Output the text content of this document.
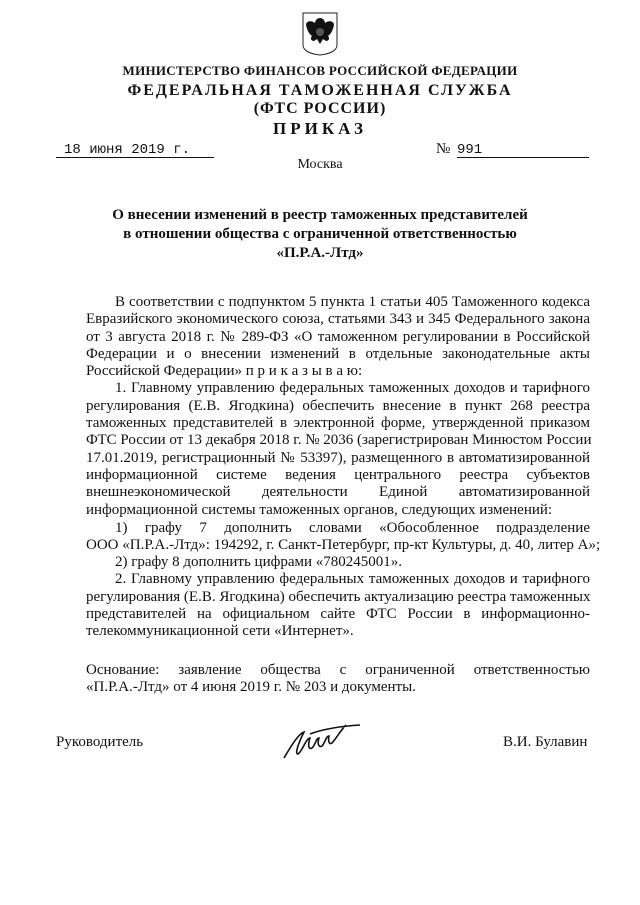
МИНИСТЕРСТВО ФИНАНСОВ РОССИЙСКОЙ ФЕДЕРАЦИИ
ФЕДЕРАЛЬНАЯ ТАМОЖЕННАЯ СЛУЖБА
(ФТС РОССИИ)
ПРИКАЗ
18 июня 2019 г.	№ 991
Москва
О внесении изменений в реестр таможенных представителей
в отношении общества с ограниченной ответственностью
«П.Р.А.-Лтд»
В соответствии с подпунктом 5 пункта 1 статьи 405 Таможенного кодекса
Евразийского экономического союза, статьями 343 и 345 Федерального закона
от 3 августа 2018 г. № 289-ФЗ «О таможенном регулировании в Российской
Федерации и о внесении изменений в отдельные законодательные акты
Российской Федерации» п р и к а з ы в а ю:
1. Главному управлению федеральных таможенных доходов и тарифного
регулирования (Е.В. Ягодкина) обеспечить внесение в пункт 268 реестра
таможенных представителей в электронной форме, утвержденной приказом
ФТС России от 13 декабря 2018 г. № 2036 (зарегистрирован Минюстом России
17.01.2019, регистрационный № 53397), размещенного в автоматизированной
информационной системе ведения центрального реестра субъектов
внешнеэкономической деятельности Единой автоматизированной
информационной системы таможенных органов, следующих изменений:
1) графу 7 дополнить словами «Обособленное подразделение
ООО «П.Р.А.-Лтд»: 194292, г. Санкт-Петербург, пр-кт Культуры, д. 40, литер А»;
2) графу 8 дополнить цифрами «780245001».
2. Главному управлению федеральных таможенных доходов и тарифного
регулирования (Е.В. Ягодкина) обеспечить актуализацию реестра таможенных
представителей на официальном сайте ФТС России в информационно-
телекоммуникационной сети «Интернет».
Основание: заявление общества с ограниченной ответственностью
«П.Р.А.-Лтд» от 4 июня 2019 г. № 203 и документы.
Руководитель	В.И. Булавин
